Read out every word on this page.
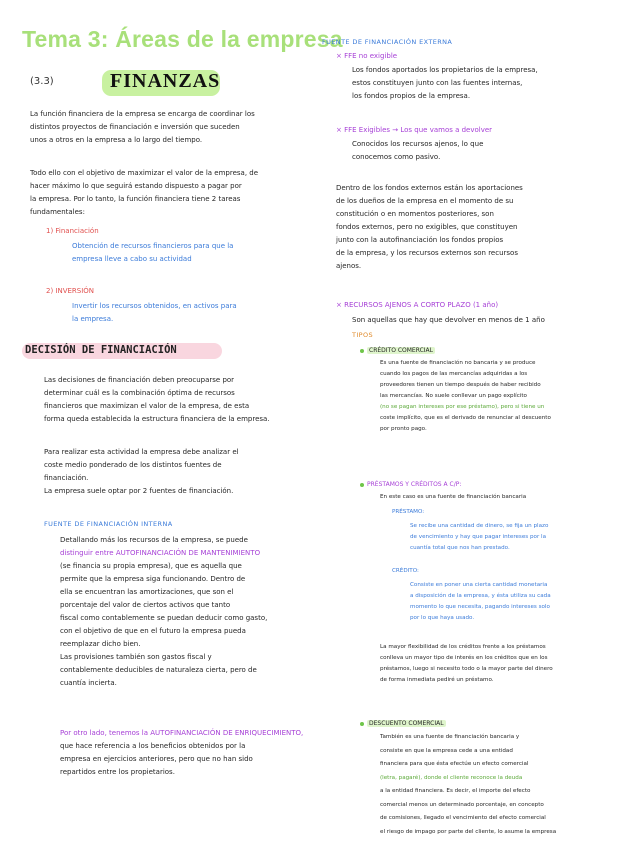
Tema 3: Áreas de la empresa
(3.3)	FINANZAS
La función financiera de la empresa se encarga de coordinar los
distintos proyectos de financiación e inversión que suceden
unos a otros en la empresa a lo largo del tiempo.
Todo ello con el objetivo de maximizar el valor de la empresa, de
hacer máximo lo que seguirá estando dispuesto a pagar por
la empresa. Por lo tanto, la función financiera tiene 2 tareas
fundamentales:
1) Financiación
Obtención de recursos financieros para que la
empresa lleve a cabo su actividad
2) INVERSIÓN
Invertir los recursos obtenidos, en activos para
la empresa.
DECISIÓN DE FINANCIACIÓN
Las decisiones de financiación deben preocuparse por
determinar cuál es la combinación óptima de recursos
financieros que maximizan el valor de la empresa, de esta
forma queda establecida la estructura financiera de la empresa.
Para realizar esta actividad la empresa debe analizar el
coste medio ponderado de los distintos fuentes de
financiación.
La empresa suele optar por 2 fuentes de financiación.
FUENTE DE FINANCIACIÓN INTERNA
Detallando más los recursos de la empresa, se puede
distinguir entre AUTOFINANCIACIÓN DE MANTENIMIENTO
(se financia su propia empresa), que es aquella que
permite que la empresa siga funcionando. Dentro de
ella se encuentran las amortizaciones, que son el
porcentaje del valor de ciertos activos que tanto
fiscal como contablemente se puedan deducir como gasto,
con el objetivo de que en el futuro la empresa pueda
reemplazar dicho bien.
Las provisiones también son gastos fiscal y
contablemente deducibles de naturaleza cierta, pero de
cuantía incierta.
Por otro lado, tenemos la AUTOFINANCIACIÓN DE ENRIQUECIMIENTO,
que hace referencia a los beneficios obtenidos por la
empresa en ejercicios anteriores, pero que no han sido
repartidos entre los propietarios.
FUENTE DE FINANCIACIÓN EXTERNA
× FFE no exigible
Los fondos aportados los propietarios de la empresa,
estos constituyen junto con las fuentes internas,
los fondos propios de la empresa.
× FFE Exigibles → Los que vamos a devolver
Conocidos los recursos ajenos, lo que
conocemos como pasivo.
Dentro de los fondos externos están los aportaciones
de los dueños de la empresa en el momento de su
constitución o en momentos posteriores, son
fondos externos, pero no exigibles, que constituyen
junto con la autofinanciación los fondos propios
de la empresa, y los recursos externos son recursos
ajenos.
× RECURSOS AJENOS A CORTO PLAZO (1 año)
Son aquellas que hay que devolver en menos de 1 año
TIPOS
CRÉDITO COMERCIAL
Es una fuente de financiación no bancaria y se produce
cuando los pagos de las mercancías adquiridas a los
proveedores tienen un tiempo después de haber recibido
las mercancías. No suele conllevar un pago explícito
(no se pagan intereses por ese préstamo), pero si tiene un
coste implícito, que es el derivado de renunciar al descuento
por pronto pago.
PRÉSTAMOS Y CRÉDITOS A C/P:
En este caso es una fuente de financiación bancaria
PRÉSTAMO:
Se recibe una cantidad de dinero, se fija un plazo
de vencimiento y hay que pagar intereses por la
cuantía total que nos han prestado.
CRÉDITO:
Consiste en poner una cierta cantidad monetaria
a disposición de la empresa, y ésta utiliza su cada
momento lo que necesita, pagando intereses solo
por lo que haya usado.
La mayor flexibilidad de los créditos frente a los préstamos
conlleva un mayor tipo de interés en los créditos que en los
préstamos, luego si necesito todo o la mayor parte del dinero
de forma inmediata pediré un préstamo.
DESCUENTO COMERCIAL
También es una fuente de financiación bancaria y
consiste en que la empresa cede a una entidad
financiera para que ésta efectúe un efecto comercial
(letra, pagaré), donde el cliente reconoce la deuda
a la entidad financiera. Es decir, el importe del efecto
comercial menos un determinado porcentaje, en concepto
de comisiones, llegado el vencimiento del efecto comercial
el riesgo de impago por parte del cliente, lo asume la empresa
